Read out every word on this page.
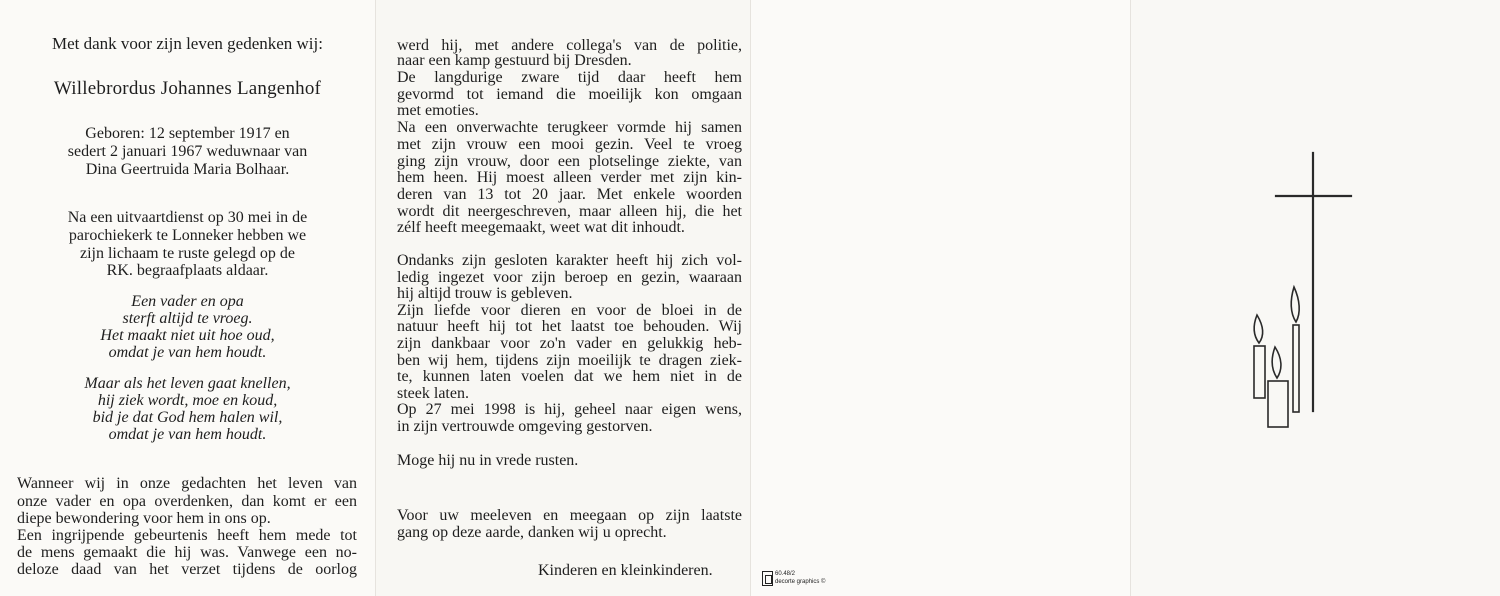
Met dank voor zijn leven gedenken wij:
Willebrordus Johannes Langenhof
Geboren: 12 september 1917 en
sedert 2 januari 1967 weduwnaar van
Dina Geertruida Maria Bolhaar.
Na een uitvaartdienst op 30 mei in de
parochiekerk te Lonneker hebben we
zijn lichaam te ruste gelegd op de
RK. begraafplaats aldaar.
Een vader en opa
sterft altijd te vroeg.
Het maakt niet uit hoe oud,
omdat je van hem houdt.
Maar als het leven gaat knellen,
hij ziek wordt, moe en koud,
bid je dat God hem halen wil,
omdat je van hem houdt.
Wanneer wij in onze gedachten het leven van
onze vader en opa overdenken, dan komt er een
diepe bewondering voor hem in ons op.
Een ingrijpende gebeurtenis heeft hem mede tot
de mens gemaakt die hij was. Vanwege een no-
deloze daad van het verzet tijdens de oorlog
werd hij, met andere collega's van de politie,
naar een kamp gestuurd bij Dresden.
De langdurige zware tijd daar heeft hem
gevormd tot iemand die moeilijk kon omgaan
met emoties.
Na een onverwachte terugkeer vormde hij samen
met zijn vrouw een mooi gezin. Veel te vroeg
ging zijn vrouw, door een plotselinge ziekte, van
hem heen. Hij moest alleen verder met zijn kin-
deren van 13 tot 20 jaar. Met enkele woorden
wordt dit neergeschreven, maar alleen hij, die het
zélf heeft meegemaakt, weet wat dit inhoudt.
Ondanks zijn gesloten karakter heeft hij zich vol-
ledig ingezet voor zijn beroep en gezin, waaraan
hij altijd trouw is gebleven.
Zijn liefde voor dieren en voor de bloei in de
natuur heeft hij tot het laatst toe behouden. Wij
zijn dankbaar voor zo'n vader en gelukkig heb-
ben wij hem, tijdens zijn moeilijk te dragen ziek-
te, kunnen laten voelen dat we hem niet in de
steek laten.
Op 27 mei 1998 is hij, geheel naar eigen wens,
in zijn vertrouwde omgeving gestorven.
Moge hij nu in vrede rusten.
Voor uw meeleven en meegaan op zijn laatste
gang op deze aarde, danken wij u oprecht.
Kinderen en kleinkinderen.	60.48/2
decorte graphics ©
